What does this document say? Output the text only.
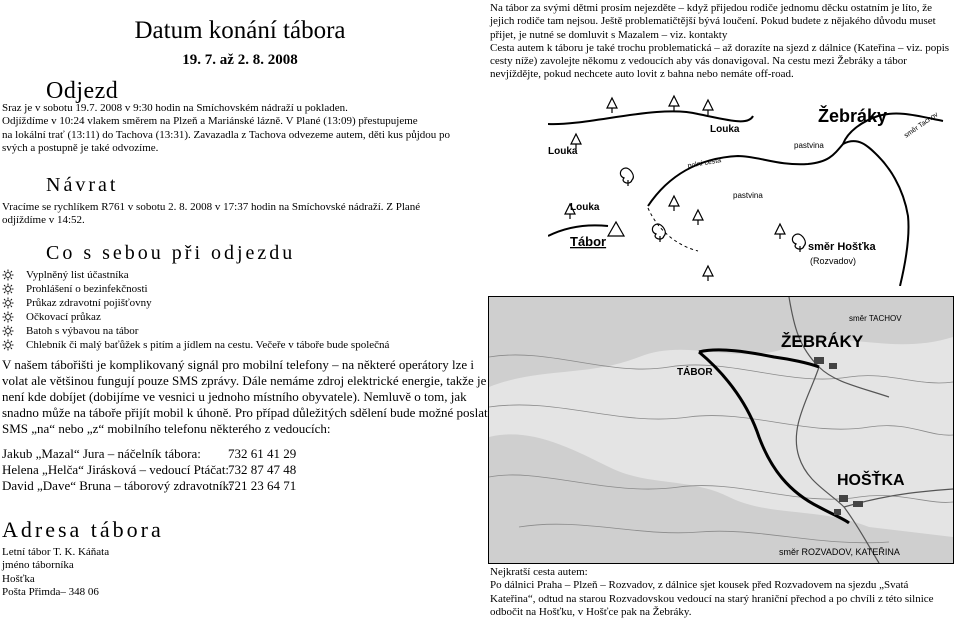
Datum konání tábora
19. 7. až 2. 8. 2008
Odjezd
Sraz je v sobotu 19.7. 2008 v 9:30 hodin na Smíchovském nádraží u pokladen.
Odjíždíme v 10:24 vlakem směrem na Plzeň a Mariánské lázně. V Plané (13:09) přestupujeme
na lokální trať (13:11) do Tachova (13:31). Zavazadla z Tachova odvezeme autem, děti kus půjdou po
svých a postupně je také odvozíme.
Návrat
Vracíme se rychlíkem R761 v sobotu 2. 8. 2008 v 17:37 hodin na Smíchovské nádraží. Z Plané
odjíždíme v 14:52.
Co s sebou při odjezdu
Vyplněný list účastníka
Prohlášení o bezinfekčnosti
Průkaz zdravotní pojišťovny
Očkovací průkaz
Batoh s výbavou na tábor
Chlebník či malý baťůžek s pitím a jídlem na cestu. Večeře v táboře bude společná
V našem tábořišti je komplikovaný signál pro mobilní telefony – na některé operátory lze i
volat ale většinou fungují pouze SMS zprávy. Dále nemáme zdroj elektrické energie, takže je
není kde dobíjet (dobijíme ve vesnici u jednoho místního obyvatele). Nemluvě o tom, jak
snadno může na táboře přijít mobil k úhoně. Pro případ důležitých sdělení bude možné poslat
SMS „na“ nebo „z“ mobilního telefonu některého z vedoucích:
Jakub „Mazal“ Jura – náčelník tábora:	732 61 41 29
Helena „Helča“ Jirásková – vedoucí Ptáčat:
732 87 47 48
David „Dave“ Bruna – táborový zdravotník:
721 23 64 71
Adresa tábora
Letní tábor T. K. Káňata
jméno táborníka
Hošťka
Pošta Přimda– 348 06
Na tábor za svými dětmi prosím nejezděte – když přijedou rodiče jednomu děcku ostatním je líto, že
jejich rodiče tam nejsou. Ještě problematičtější bývá loučení. Pokud budete z nějakého důvodu muset
přijet, je nutné se domluvit s Mazalem – viz. kontakty
Cesta autem k táboru je také trochu problematická – až dorazíte na sjezd z dálnice (Kateřina – viz. popis
cesty níže) zavolejte někomu z vedoucích aby vás donavigoval. Na cestu mezi Žebráky a tábor
nevjíždějte, pokud nechcete auto lovit z bahna nebo nemáte off-road.
Žebráky směr Tachov
pastvina
Louka
Louka
polní cesta
pastvina
Louka
Tábor	směr Hošťka
(Rozvadov)
směr TACHOV
ŽEBRÁKY
TÁBOR
HOŠŤKA
směr ROZVADOV, KATEŘINA
Nejkratší cesta autem:
Po dálnici Praha – Plzeň – Rozvadov, z dálnice sjet kousek před Rozvadovem na sjezdu „Svatá
Kateřina“, odtud na starou Rozvadovskou vedoucí na starý hraniční přechod a po chvíli z této silnice
odbočit na Hošťku, v Hošťce pak na Žebráky.
